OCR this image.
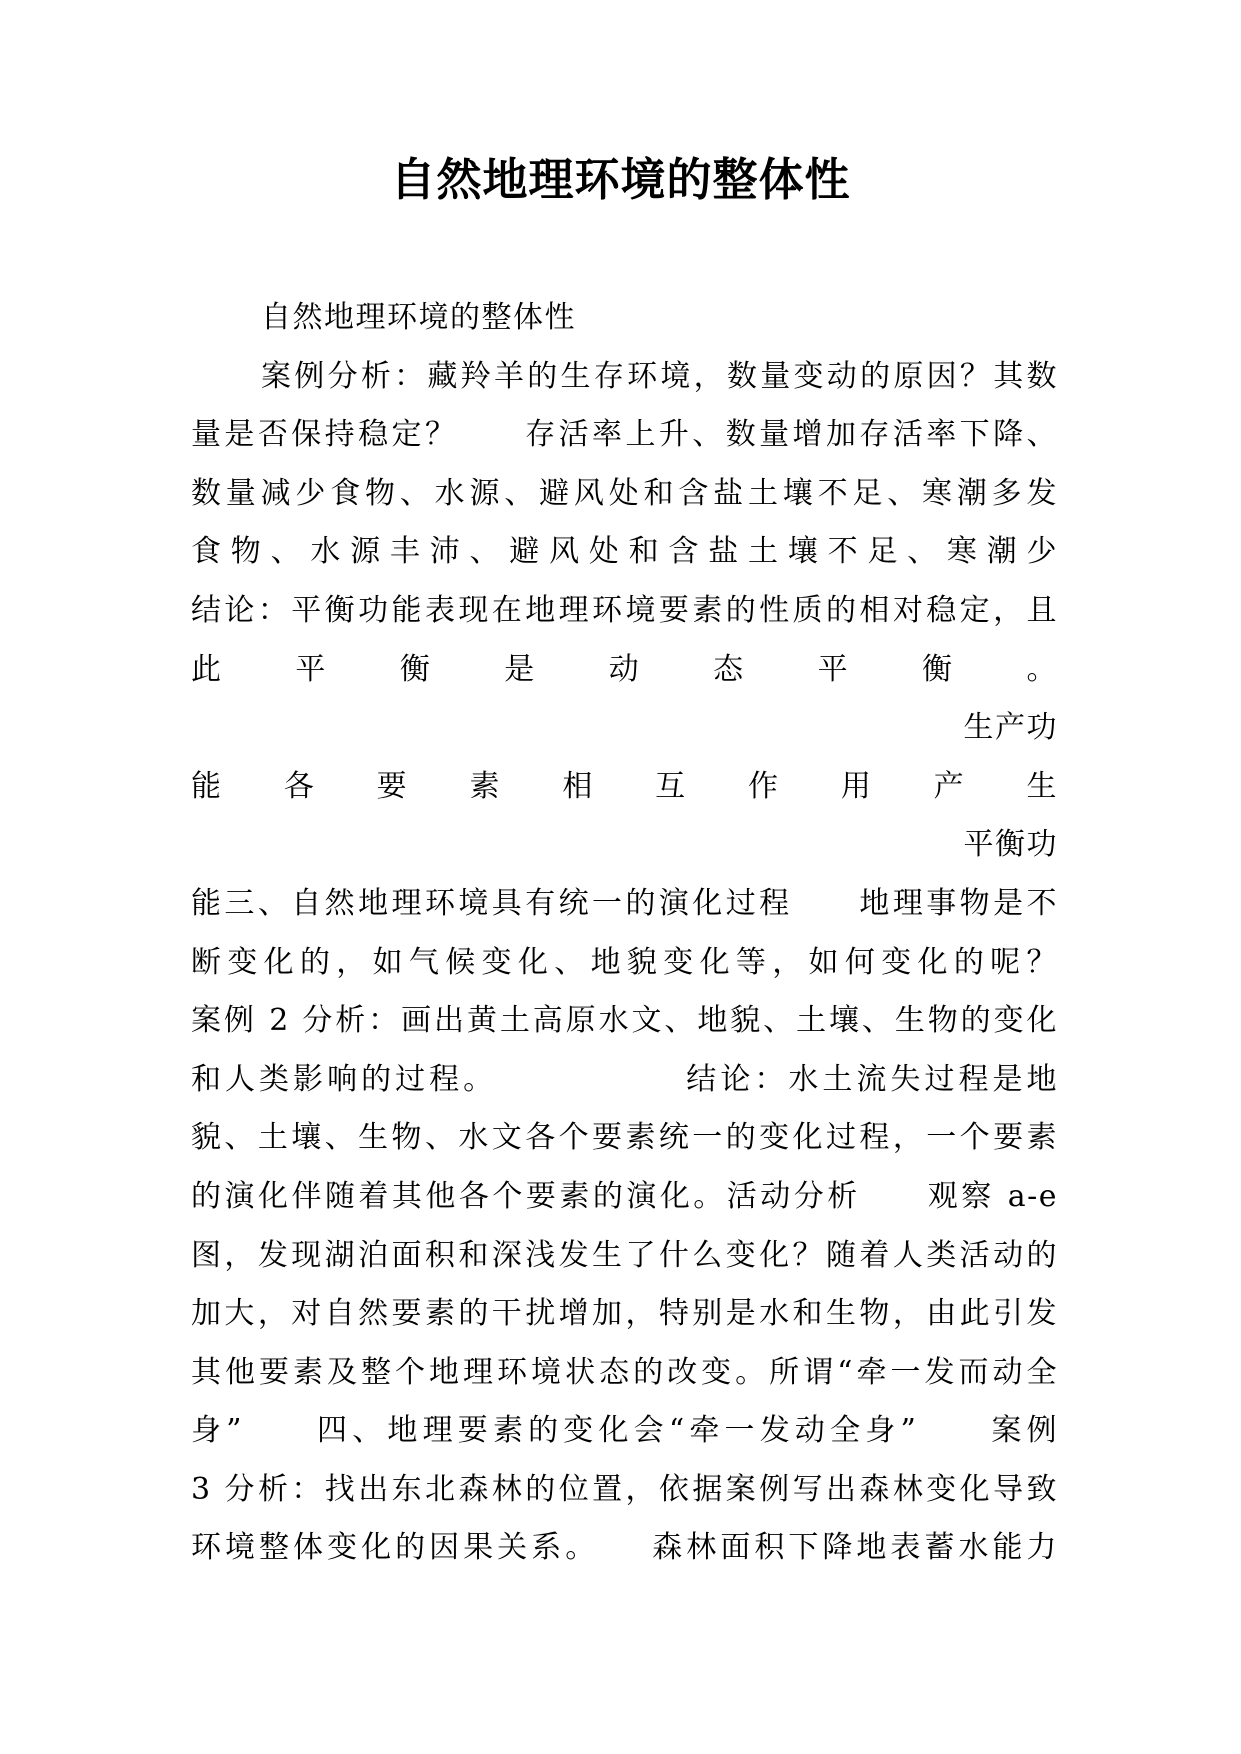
自然地理环境的整体性
自然地理环境的整体性
案例分析：藏羚羊的生存环境，数量变动的原因？其数
量是否保持稳定？　　存活率上升、数量增加存活率下降、
数量减少食物、水源、避风处和含盐土壤不足、寒潮多发
食物、水源丰沛、避风处和含盐土壤不足、寒潮少
结论：平衡功能表现在地理环境要素的性质的相对稳定，且
此平衡是动态平衡。
生产功
能各要素相互作用产生
平衡功
能三、自然地理环境具有统一的演化过程　　地理事物是不
断变化的，如气候变化、地貌变化等，如何变化的呢？
案例 2 分析：画出黄土高原水文、地貌、土壤、生物的变化
和人类影响的过程。　　　　　　结论：水土流失过程是地
貌、土壤、生物、水文各个要素统一的变化过程，一个要素
的演化伴随着其他各个要素的演化。活动分析　　观察 a-e
图，发现湖泊面积和深浅发生了什么变化？随着人类活动的
加大，对自然要素的干扰增加，特别是水和生物，由此引发
其他要素及整个地理环境状态的改变。所谓“牵一发而动全
身”　　四、地理要素的变化会“牵一发动全身”　　案例
3 分析：找出东北森林的位置，依据案例写出森林变化导致
环境整体变化的因果关系。　　森林面积下降地表蓄水能力
